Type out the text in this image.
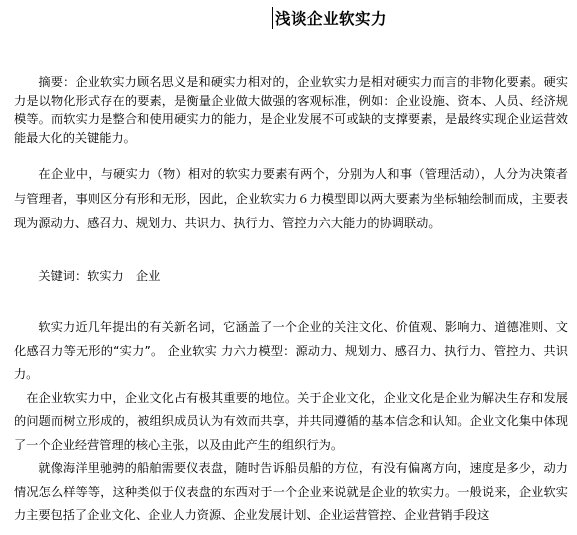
浅谈企业软实力

摘要：企业软实力顾名思义是和硬实力相对的，企业软实力是相对硬实力而言的非物化要素。硬实力是以物化形式存在的要素，是衡量企业做大做强的客观标准，例如：企业设施、资本、人员、经济规模等。而软实力是整合和使用硬实力的能力，是企业发展不可或缺的支撑要素，是最终实现企业运营效能最大化的关键能力。

在企业中，与硬实力（物）相对的软实力要素有两个，分别为人和事（管理活动），人分为决策者与管理者，事则区分有形和无形，因此，企业软实力６力模型即以两大要素为坐标轴绘制而成，主要表现为源动力、感召力、规划力、共识力、执行力、管控力六大能力的协调联动。

关键词：软实力 企业

软实力近几年提出的有关新名词，它涵盖了一个企业的关注文化、价值观、影响力、道德准则、文化感召力等无形的“实力”。 企业软实 力六力模型：源动力、规划力、感召力、执行力、管控力、共识力。

在企业软实力中，企业文化占有极其重要的地位。关于企业文化，企业文化是企业为解决生存和发展的问题而树立形成的，被组织成员认为有效而共享，并共同遵循的基本信念和认知。企业文化集中体现了一个企业经营管理的核心主张，以及由此产生的组织行为。

就像海洋里驰骋的船舶需要仪表盘，随时告诉船员船的方位，有没有偏离方向，速度是多少，动力情况怎么样等等，这种类似于仪表盘的东西对于一个企业来说就是企业的软实力。一般说来，企业软实力主要包括了企业文化、企业人力资源、企业发展计划、企业运营管控、企业营销手段这
